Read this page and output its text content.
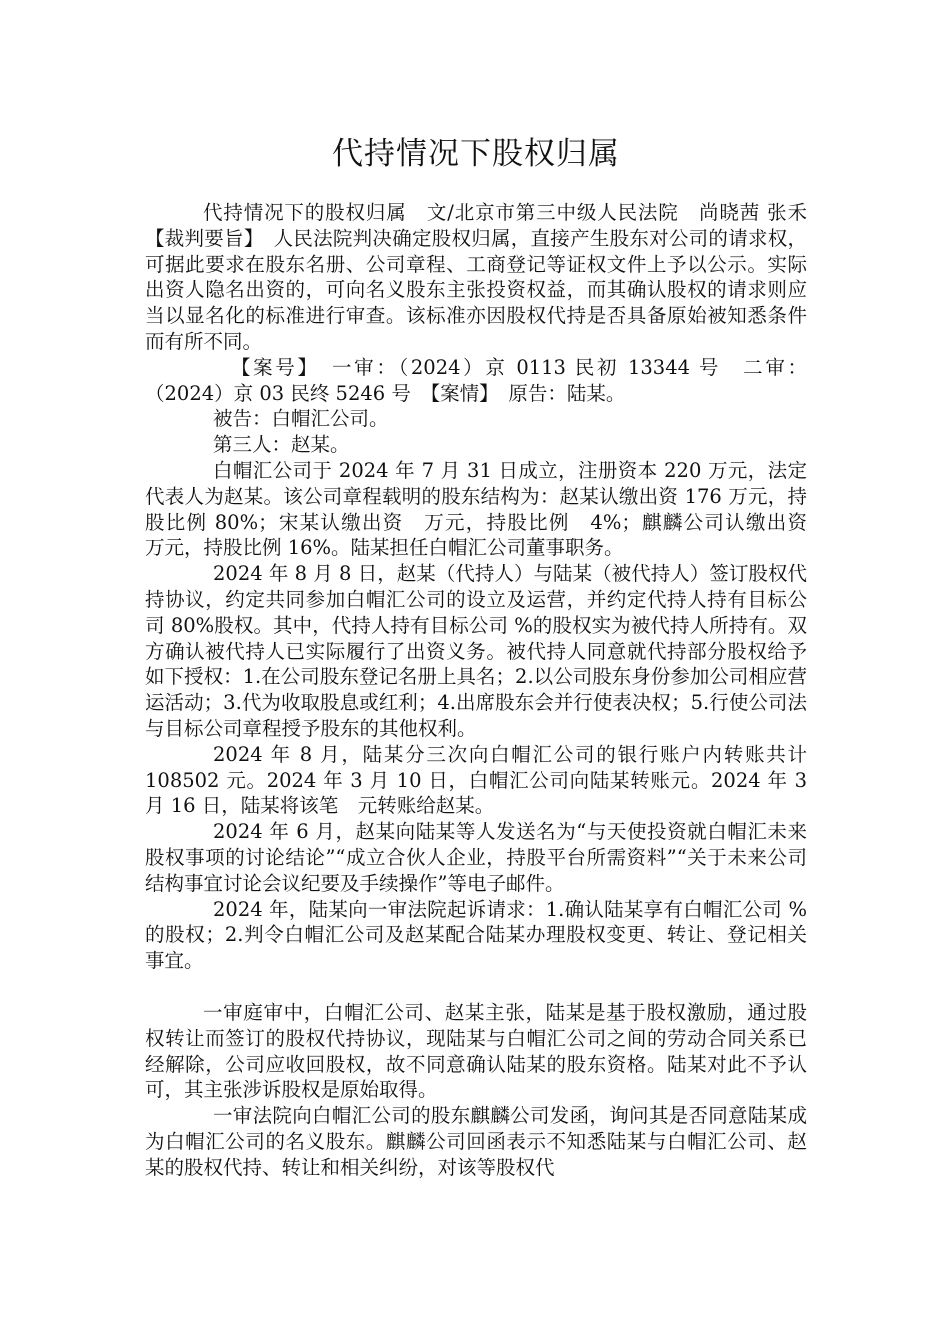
代持情况下股权归属

代持情况下的股权归属　文/北京市第三中级人民法院　尚晓茜 张禾　【裁判要旨】　人民法院判决确定股权归属，直接产生股东对公司的请求权，可据此要求在股东名册、公司章程、工商登记等证权文件上予以公示。实际出资人隐名出资的，可向名义股东主张投资权益，而其确认股权的请求则应当以显名化的标准进行审查。该标准亦因股权代持是否具备原始被知悉条件而有所不同。

【案号】　一审：（2024）京 0113 民初 13344 号　二审：（2024）京 03 民终 5246 号　【案情】　原告：陆某。

被告：白帽汇公司。

第三人：赵某。

白帽汇公司于 2024 年 7 月 31 日成立，注册资本 220 万元，法定代表人为赵某。该公司章程载明的股东结构为：赵某认缴出资 176 万元，持股比例 80%；宋某认缴出资　万元，持股比例　4%；麒麟公司认缴出资　万元，持股比例 16%。陆某担任白帽汇公司董事职务。

2024 年 8 月 8 日，赵某（代持人）与陆某（被代持人）签订股权代持协议，约定共同参加白帽汇公司的设立及运营，并约定代持人持有目标公司 80%股权。其中，代持人持有目标公司 %的股权实为被代持人所持有。双方确认被代持人已实际履行了出资义务。被代持人同意就代持部分股权给予如下授权：1.在公司股东登记名册上具名；2.以公司股东身份参加公司相应营运活动；3.代为收取股息或红利；4.出席股东会并行使表决权；5.行使公司法与目标公司章程授予股东的其他权利。

2024 年 8 月，陆某分三次向白帽汇公司的银行账户内转账共计 108502 元。2024 年 3 月 10 日，白帽汇公司向陆某转账元。2024 年 3 月 16 日，陆某将该笔　元转账给赵某。

2024 年 6 月，赵某向陆某等人发送名为“与天使投资就白帽汇未来股权事项的讨论结论”“成立合伙人企业，持股平台所需资料”“关于未来公司结构事宜讨论会议纪要及手续操作”等电子邮件。

2024 年，陆某向一审法院起诉请求：1.确认陆某享有白帽汇公司 %的股权；2.判令白帽汇公司及赵某配合陆某办理股权变更、转让、登记相关事宜。

一审庭审中，白帽汇公司、赵某主张，陆某是基于股权激励，通过股权转让而签订的股权代持协议，现陆某与白帽汇公司之间的劳动合同关系已经解除，公司应收回股权，故不同意确认陆某的股东资格。陆某对此不予认可，其主张涉诉股权是原始取得。

一审法院向白帽汇公司的股东麒麟公司发函，询问其是否同意陆某成为白帽汇公司的名义股东。麒麟公司回函表示不知悉陆某与白帽汇公司、赵某的股权代持、转让和相关纠纷，对该等股权代
